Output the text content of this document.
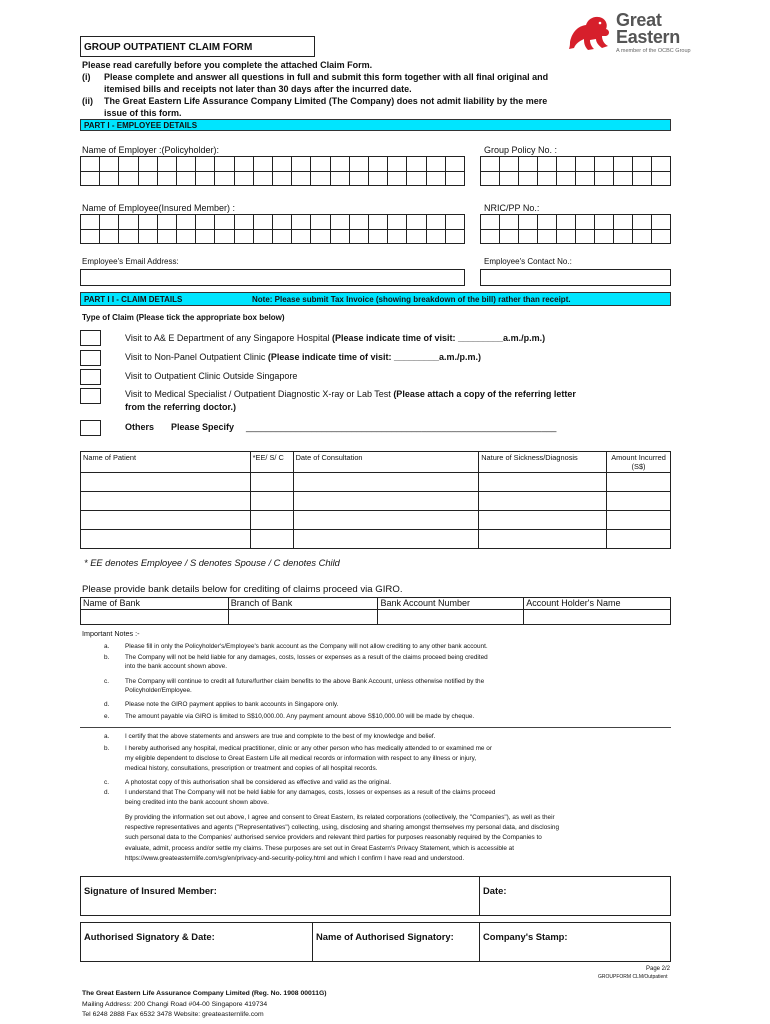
Great
Eastern
A member of the OCBC Group
GROUP OUTPATIENT CLAIM FORM
Please read carefully before you complete the attached Claim Form.
(i) Please complete and answer all questions in full and submit this form together with all final original and
itemised bills and receipts not later than 30 days after the incurred date.
(ii) The Great Eastern Life Assurance Company Limited (The Company) does not admit liability by the mere
issue of this form.
PART I - EMPLOYEE DETAILS
Name of Employer :(Policyholder):	Group Policy No. :
Name of Employee(Insured Member) :	NRIC/PP No.:
Employee's Email Address:	Employee's Contact No.:
PART I I - CLAIM DETAILS	Note: Please submit Tax Invoice (showing breakdown of the bill) rather than receipt.
Type of Claim (Please tick the appropriate box below)
Visit to A& E Department of any Singapore Hospital (Please indicate time of visit: _________a.m./p.m.)
Visit to Non-Panel Outpatient Clinic (Please indicate time of visit: _________a.m./p.m.)
Visit to Outpatient Clinic Outside Singapore
Visit to Medical Specialist / Outpatient Diagnostic X-ray or Lab Test (Please attach a copy of the referring letter
from the referring doctor.)
Others Please Specify ______________________________________________________________
Name of Patient	*EE/ S/ C	Date of Consultation	Nature of Sickness/Diagnosis	Amount Incurred
(S$)

* EE denotes Employee / S denotes Spouse / C denotes Child
Please provide bank details below for crediting of claims proceed via GIRO.
Name of Bank	Branch of Bank	Bank Account Number	Account Holder's Name

Important Notes :-
a. Please fill in only the Policyholder's/Employee's bank account as the Company will not allow crediting to any other bank account.
b. The Company will not be held liable for any damages, costs, losses or expenses as a result of the claims proceed being credited
into the bank account shown above.
c.	The Company will continue to credit all future/further claim benefits to the above Bank Account, unless otherwise notified by the
Policyholder/Employee.
d. Please note the GIRO payment applies to bank accounts in Singapore only.
e. The amount payable via GIRO is limited to S$10,000.00. Any payment amount above S$10,000.00 will be made by cheque.
a. I certify that the above statements and answers are true and complete to the best of my knowledge and belief.
b. I hereby authorised any hospital, medical practitioner, clinic or any other person who has medically attended to or examined me or
my eligible dependent to disclose to Great Eastern Life all medical records or information with respect to any illness or injury,
medical history, consultations, prescription or treatment and copies of all hospital records.
c.	A photostat copy of this authorisation shall be considered as effective and valid as the original.
d. I understand that The Company will not be held liable for any damages, costs, losses or expenses as a result of the claims proceed
being credited into the bank account shown above.
By providing the information set out above, I agree and consent to Great Eastern, its related corporations (collectively, the "Companies"), as well as their
respective representatives and agents ("Representatives") collecting, using, disclosing and sharing amongst themselves my personal data, and disclosing
such personal data to the Companies' authorised service providers and relevant third parties for purposes reasonably required by the Companies to
evaluate, admit, process and/or settle my claims. These purposes are set out in Great Eastern's Privacy Statement, which is accessible at
https://www.greateasternlife.com/sg/en/privacy-and-security-policy.html and which I confirm I have read and understood.
Signature of Insured Member:	Date:
Authorised Signatory & Date:	Name of Authorised Signatory:	Company's Stamp:
Page 2/2
GROUPFORM CLM/Outpatient
The Great Eastern Life Assurance Company Limited (Reg. No. 1908 00011G)
Mailing Address: 200 Changi Road #04-00 Singapore 419734
Tel 6248 2888 Fax 6532 3478 Website: greateasternlife.com
